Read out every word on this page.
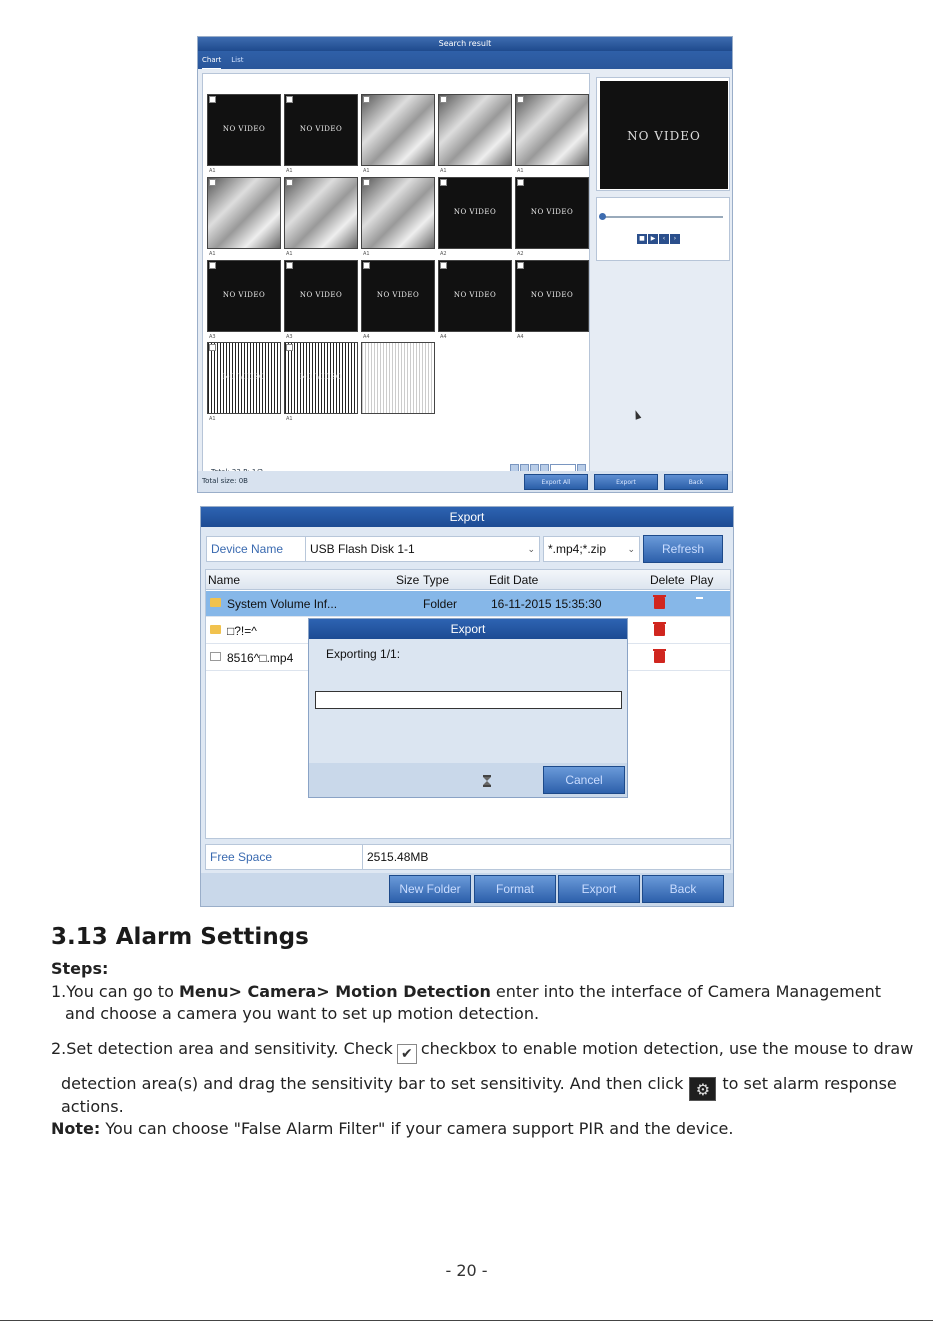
Search result
Chart List
NO VIDEO
A1
NO VIDEO
A1	A1	A1	A1
A1	A1	A1
NO VIDEO
A2
NO VIDEO
A2
NO VIDEO
A3
NO VIDEO
A3
NO VIDEO
A4
NO VIDEO
A4
NO VIDEO
A4
NO VIDEO
A1
NO VIDEO
A1
NO VIDEO
■ ▶	‹	›
Total size: 0B	Export All	Export	Back
Export
Device Name	USB Flash Disk 1-1	⌄	*.mp4;*.zip ⌄	Refresh
Name	Size Type	Edit Date	Delete Play
System Volume Inf...	Folder	16-11-2015 15:35:30
□?!=^
8516^□.mp4
Export
Exporting 1/1:
Cancel
Free Space	2515.48MB
New Folder	Format	Export	Back
3.13 Alarm Settings
Steps:
1.You can go to Menu> Camera> Motion Detection enter into the interface of Camera Management
and choose a camera you want to set up motion detection.
2.Set detection area and sensitivity. Check ✔ checkbox to enable motion detection, use the mouse to draw
detection area(s) and drag the sensitivity bar to set sensitivity. And then click ⚙ to set alarm response
actions.
Note: You can choose "False Alarm Filter" if your camera support PIR and the device.
- 20 -
